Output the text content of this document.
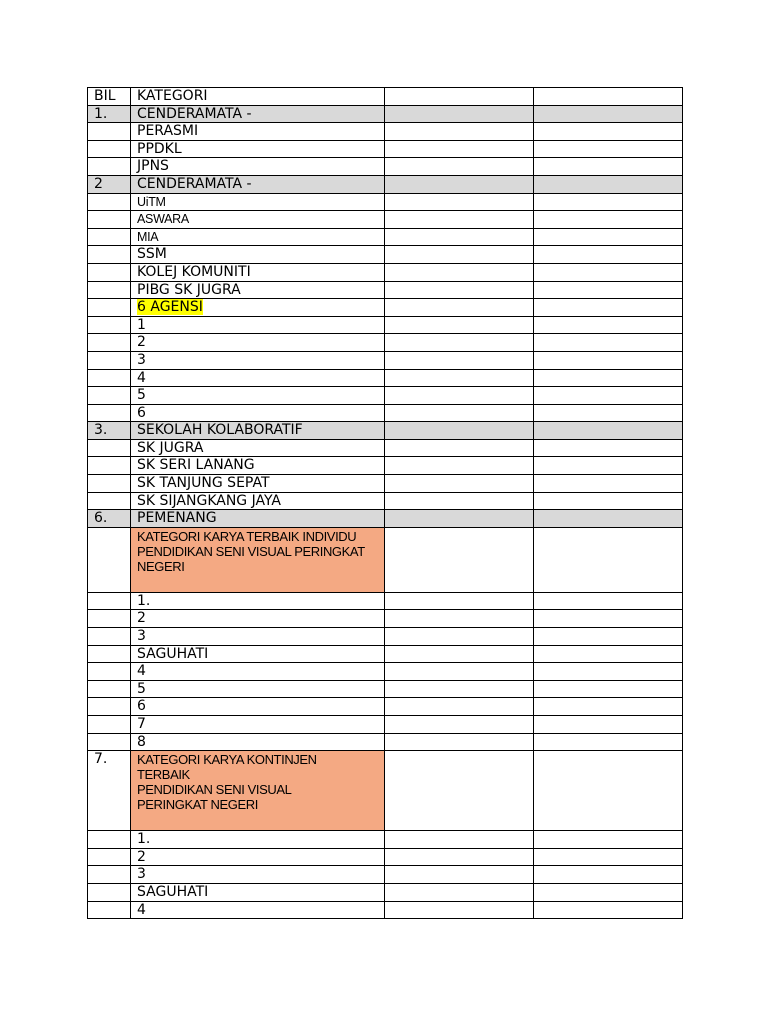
BIL	KATEGORI		
1.	CENDERAMATA -		
	PERASMI		
	PPDKL		
	JPNS		
2	CENDERAMATA -		
	UiTM		
	ASWARA		
	MIA		
	SSM		
	KOLEJ KOMUNITI		
	PIBG SK JUGRA		
	6 AGENSI		
	1		
	2		
	3		
	4		
	5		
	6		
3.	SEKOLAH KOLABORATIF		
	SK JUGRA		
	SK SERI LANANG		
	SK TANJUNG SEPAT		
	SK SIJANGKANG JAYA		
6.	PEMENANG		

	KATEGORI KARYA TERBAIK INDIVIDU
PENDIDIKAN SENI VISUAL PERINGKAT
NEGERI		

	1.		
	2		
	3		
	SAGUHATI		
	4		
	5		
	6		
	7		
	8		
7.	KATEGORI KARYA KONTINJEN
TERBAIK
PENDIDIKAN SENI VISUAL
PERINGKAT NEGERI		

	1.		
	2		
	3		
	SAGUHATI		
	4		
